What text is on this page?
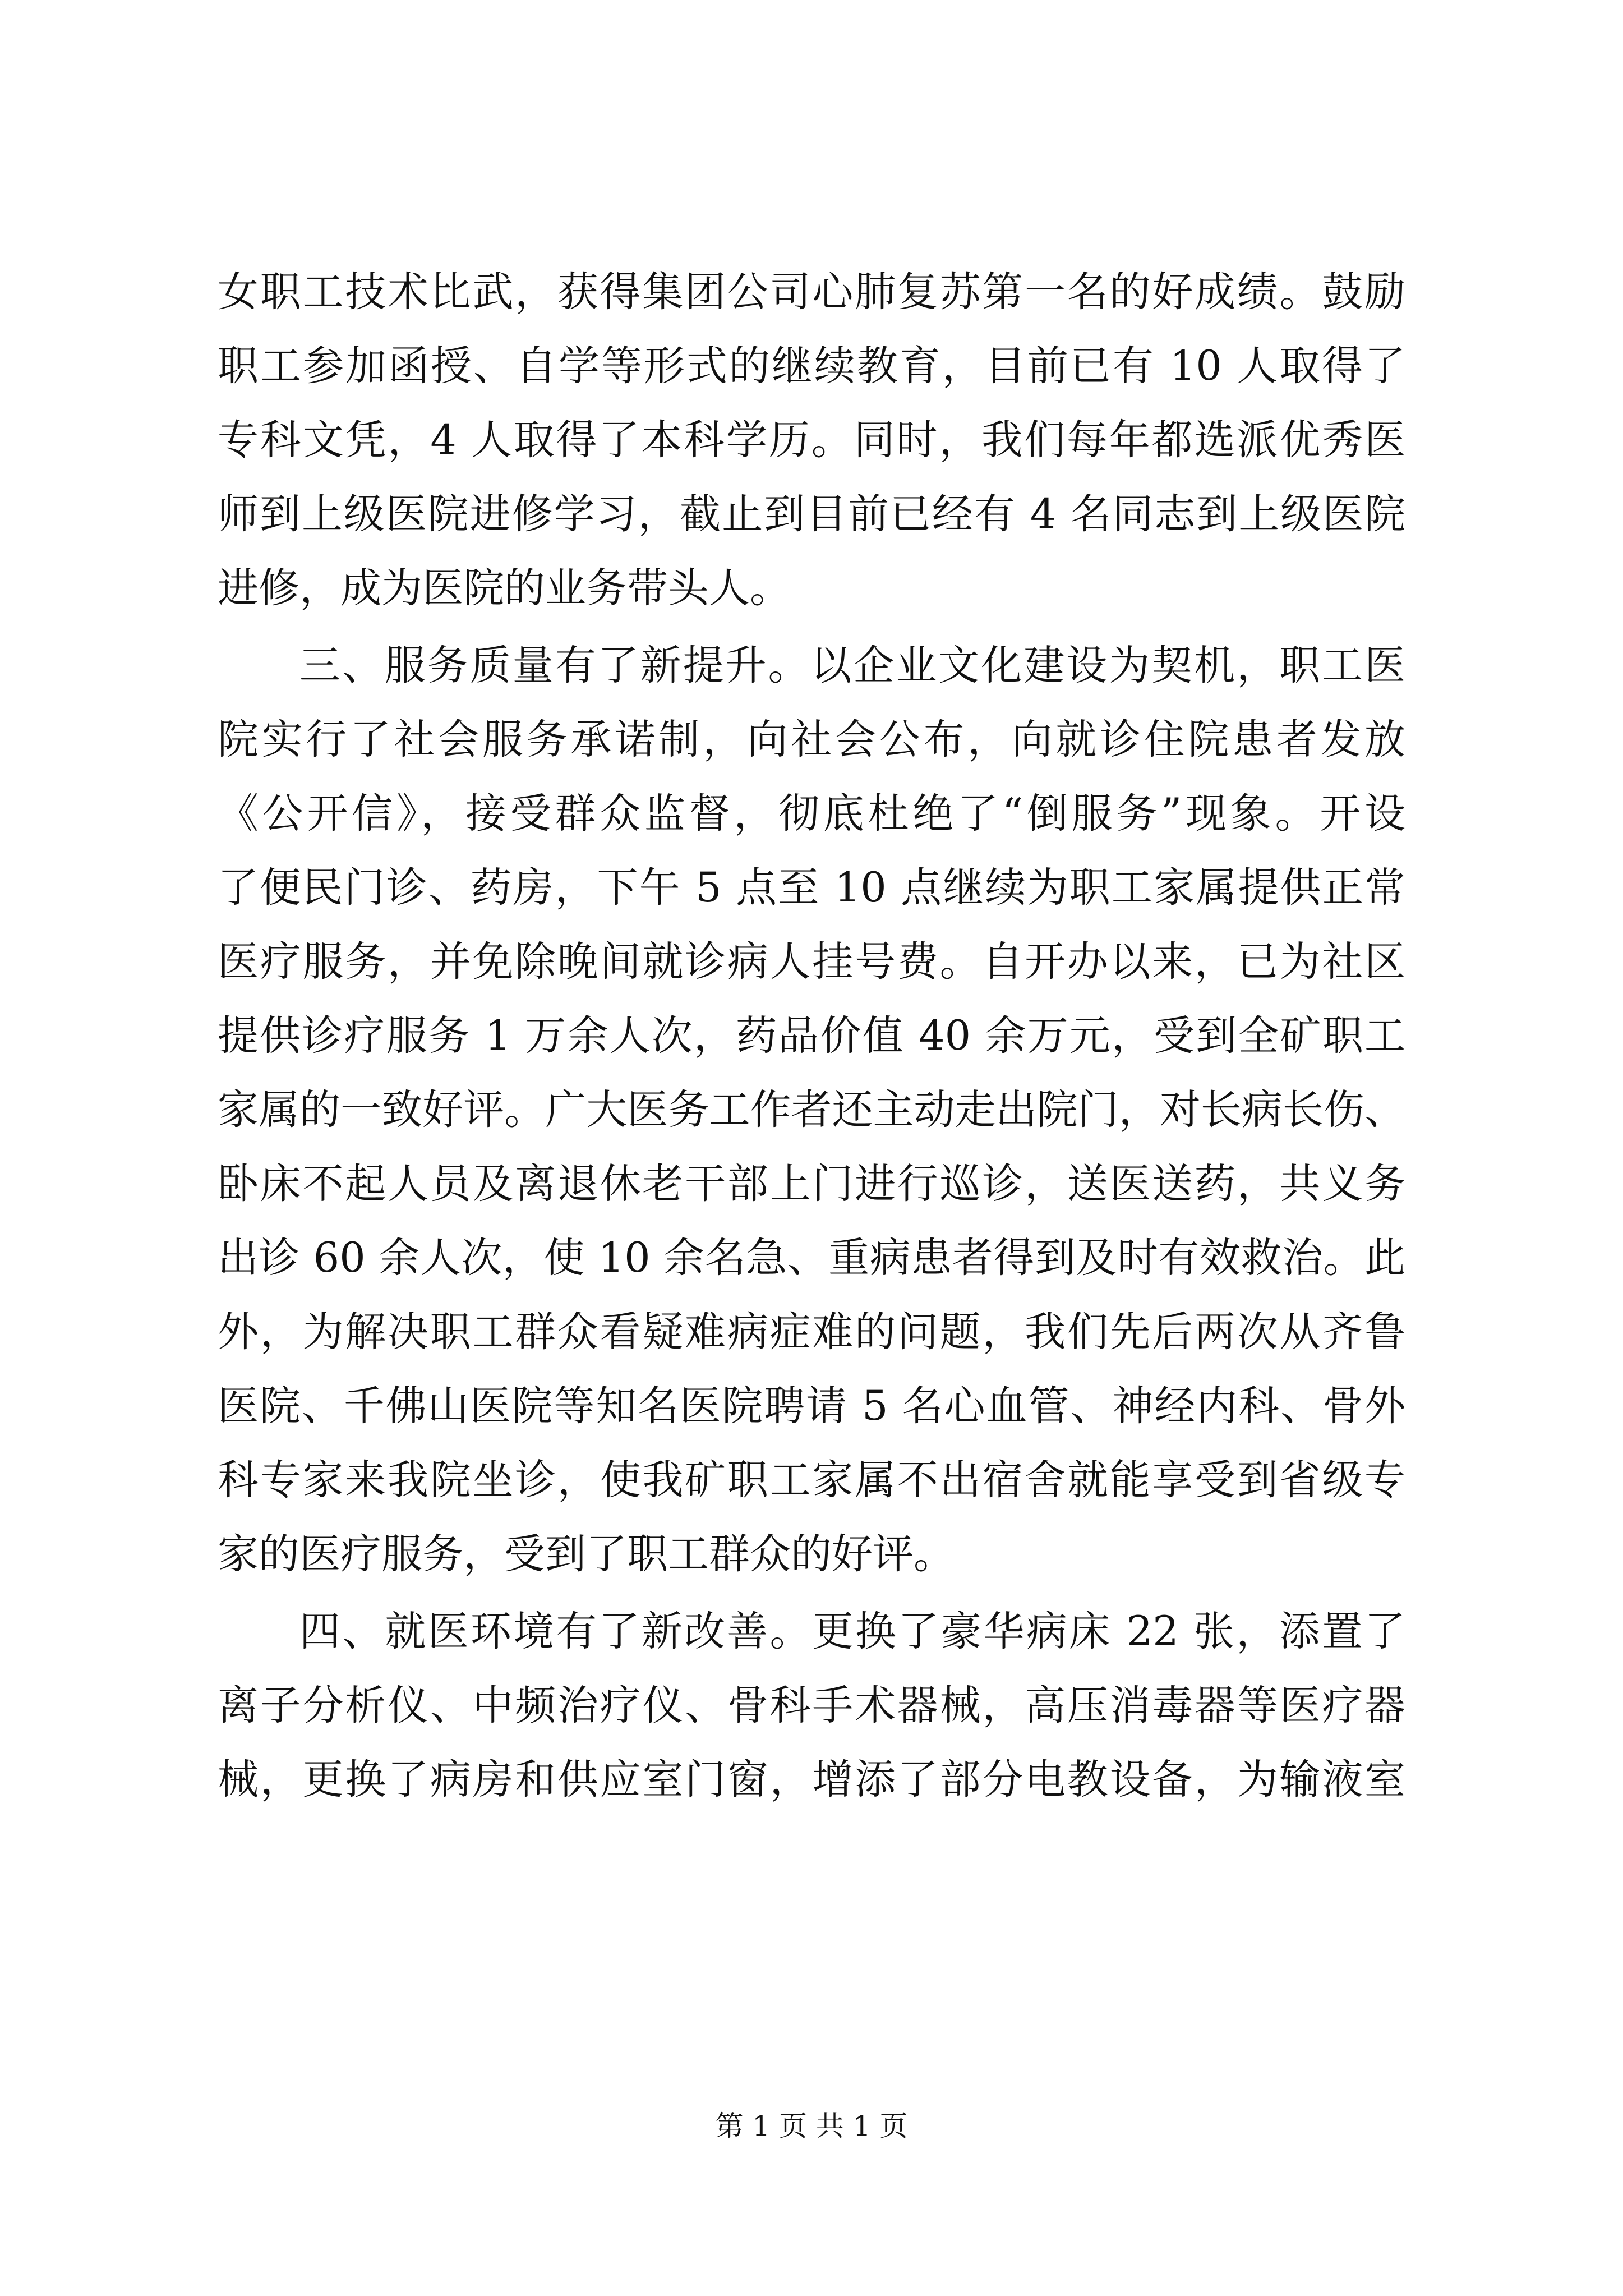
女职工技术比武，获得集团公司心肺复苏第一名的好成绩。鼓励
职工参加函授、自学等形式的继续教育，目前已有 10 人取得了
专科文凭，4 人取得了本科学历。同时，我们每年都选派优秀医
师到上级医院进修学习，截止到目前已经有 4 名同志到上级医院
进修，成为医院的业务带头人。
三、服务质量有了新提升。以企业文化建设为契机，职工医
院实行了社会服务承诺制，向社会公布，向就诊住院患者发放
《公开信》，接受群众监督，彻底杜绝了“倒服务”现象。开设
了便民门诊、药房，下午 5 点至 10 点继续为职工家属提供正常
医疗服务，并免除晚间就诊病人挂号费。自开办以来，已为社区
提供诊疗服务 1 万余人次，药品价值 40 余万元，受到全矿职工
家属的一致好评。广大医务工作者还主动走出院门，对长病长伤、
卧床不起人员及离退休老干部上门进行巡诊，送医送药，共义务
出诊 60 余人次，使 10 余名急、重病患者得到及时有效救治。此
外，为解决职工群众看疑难病症难的问题，我们先后两次从齐鲁
医院、千佛山医院等知名医院聘请 5 名心血管、神经内科、骨外
科专家来我院坐诊，使我矿职工家属不出宿舍就能享受到省级专
家的医疗服务，受到了职工群众的好评。
四、就医环境有了新改善。更换了豪华病床 22 张，添置了
离子分析仪、中频治疗仪、骨科手术器械，高压消毒器等医疗器
械，更换了病房和供应室门窗，增添了部分电教设备，为输液室
第 1 页 共 1 页
